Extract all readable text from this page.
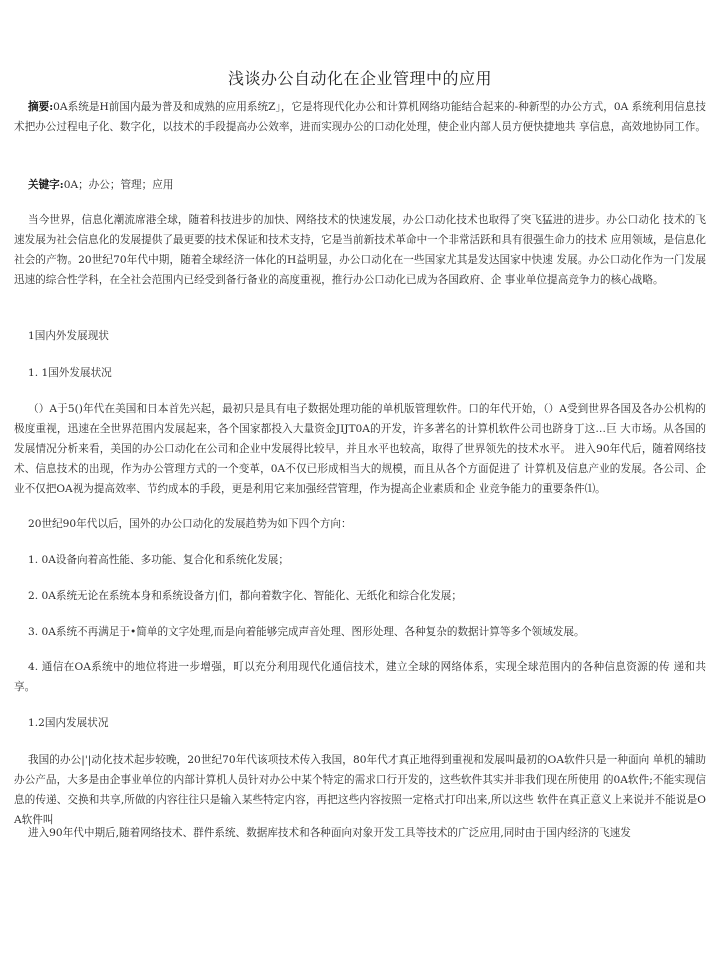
浅谈办公自动化在企业管理中的应用
摘要:0A系统是H前国内最为普及和成熟的应用系统Z」，它是将现代化办公和计算机网络功能结合起来的-种新型的办公方式，0A 系统利用信息技术把办公过程电子化、数字化，以技术的手段提高办公效率，进而实现办公的口动化处理，使企业内部人员方便快捷地共 享信息，高效地协同工作。
关键字:0A；办公；管理；应用
当今世界，信息化潮流席港全球，随着科技进步的加快、网络技术的快速发展，办公口动化技术也取得了突飞猛进的进步。办公口动化 技术的飞速发展为社会信息化的发展提供了最更要的技术保证和技术支持，它是当前新技术革命中一个非常活跃和具有很强生命力的技术 应用领域，是信息化社会的产物。20世纪70年代中期，随着全球经济一体化的H益明显，办公口动化在一些国家尤其是发达国家中快速 发展。办公口动化作为一门发展迅速的综合性学科，在全社会范围内已经受到备行备业的高度重视，推行办公口动化已成为各国政府、企 事业单位提高竞争力的核心战略。
1国内外发展现状
1. 1国外发展状况
（）A于5()年代在美国和日本首先兴起，最初只是具有电子数据处理功能的单机版管理软件。口的年代开始，（）A受到世界各国及各办公机构的极度重视，迅速在全世界范围内发展起来，各个国家都投入大量资金JIJT0A的开发，许多著名的计算机软件公司也跻身丁这…巨 大市场。从各国的发展情况分析来看，美国的办公口动化在公司和企业中发展得比较早，并且水平也较高，取得了世界领先的技术水平。 进入90年代后，随着网络技术、信息技术的出现，作为办公管理方式的一个变革，0A不仅已形成相当大的规模，而且从各个方面促进了 计算机及信息产业的发展。各公司、企业不仅把OA视为提高效率、节约成本的手段，更是利用它来加强经营管理，作为提高企业素质和企 业竞争能力的重要条件⑴。
20世纪90年代以后，国外的办公口动化的发展趋势为如下四个方向：
1. 0A设备向着高性能、多功能、复合化和系统化发展；
2. 0A系统无论在系统本身和系统设备方|们，都向着数字化、智能化、无纸化和综合化发展；
3. 0A系统不再满足于•简单的文字处理,而是向着能够完成声音处理、图形处理、各种复杂的数据计算等多个领域发展。
4. 通信在OA系统中的地位将进一步增强，町以充分利用现代化通信技术，建立全球的网络体系，实现全球范围内的各种信息资源的传 递和共享。
1.2国内发展状况
我国的办公|'|动化技术起步较晚，20世纪70年代该项技术传入我国，80年代才真正地得到重视和发展叫最初的OA软件只是一种面向 单机的辅助办公产品，大多是由企事业单位的内部计算机人员针对办公中某个特定的需求口行开发的，这些软件其实并非我们现在所使用 的0A软件;不能实现信息的传递、交换和共享,所做的内容往往只是输入某些特定内容，再把这些内容按照一定格式打印出来,所以这些 软件在真正意义上来说并不能说是OA软件叫
进入90年代中期后,随着网络技术、群件系统、数据库技术和各种面向对象开发工具等技术的广泛应用,同时由于国内经济的飞速发
